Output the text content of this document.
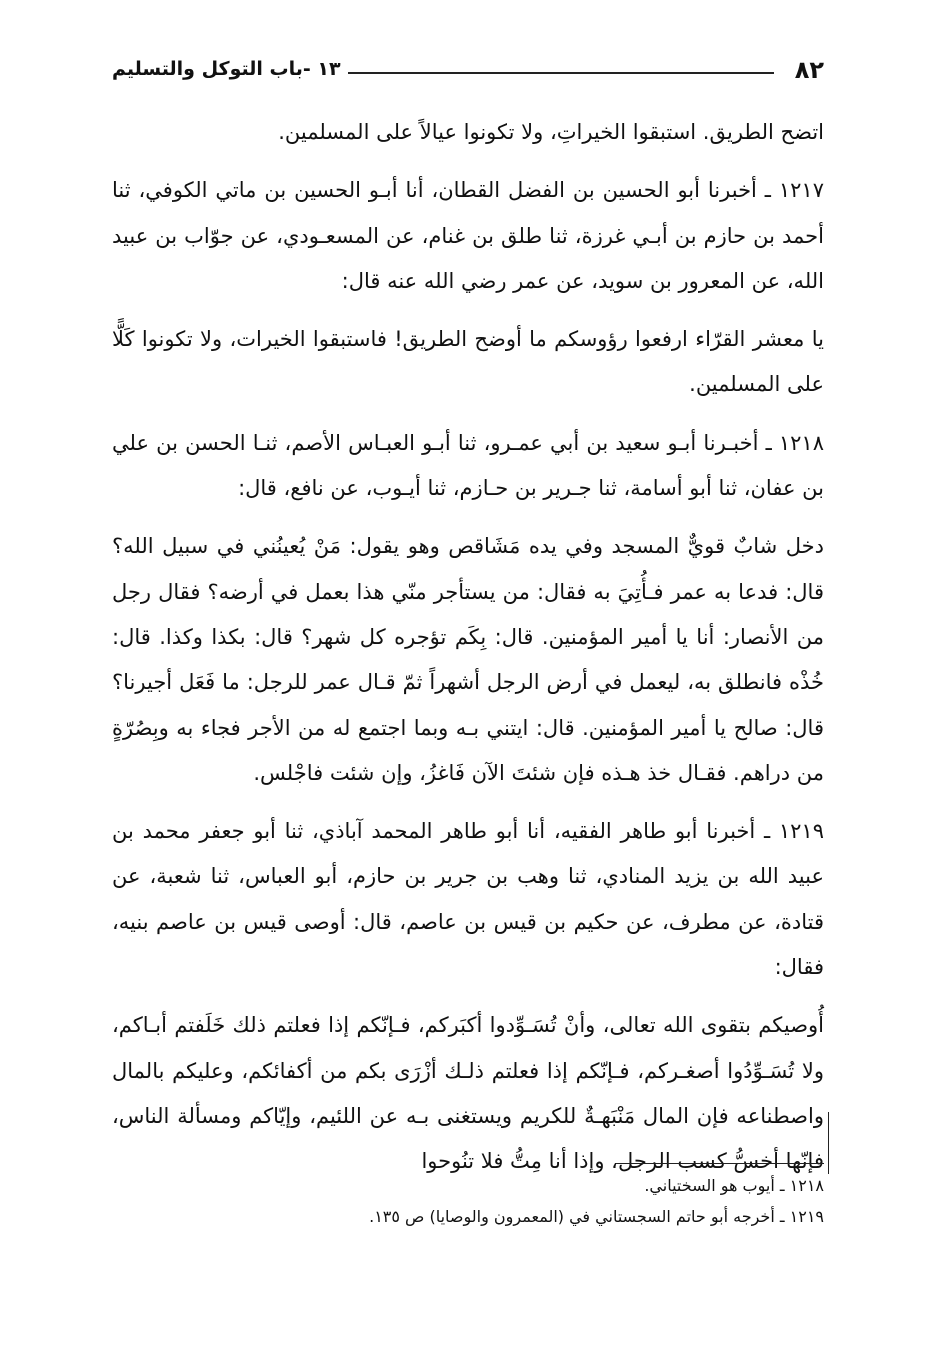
٨٢
١٣ -باب التوكل والتسليم

اتضح الطريق. استبقوا الخيراتِ، ولا تكونوا عيالاً على المسلمين.

١٢١٧ ـ أخبرنا أبو الحسين بن الفضل القطان، أنا أبـو الحسين بن ماتي الكوفي، ثنا أحمد بن حازم بن أبـي غرزة، ثنا طلق بن غنام، عن المسعـودي، عن جوّاب بن عبيد الله، عن المعرور بن سويد، عن عمر رضي الله عنه قال:

يا معشر القرّاء ارفعوا رؤوسكم ما أوضح الطريق! فاستبقوا الخيرات، ولا تكونوا كَلًّا على المسلمين.

١٢١٨ ـ أخبـرنا أبـو سعيد بن أبي عمـرو، ثنا أبـو العبـاس الأصم، ثنـا الحسن بن علي بن عفان، ثنا أبو أسامة، ثنا جـرير بن حـازم، ثنا أيـوب، عن نافع، قال:

دخل شابٌ قويٌّ المسجد وفي يده مَشَاقص وهو يقول: مَنْ يُعينُني في سبيل الله؟ قال: فدعا به عمر فـأُتِيَ به فقال: من يستأجر منّي هذا بعمل في أرضه؟ فقال رجل من الأنصار: أنا يا أمير المؤمنين. قال: بِكَم تؤجره كل شهر؟ قال: بكذا وكذا. قال: خُذْه فانطلق به، ليعمل في أرض الرجل أشهراً ثمّ قـال عمر للرجل: ما فَعَل أجيرنا؟ قال: صالح يا أمير المؤمنين. قال: ايتني بـه وبما اجتمع له من الأجر فجاء به وبِصُرّةٍ من دراهم. فقـال خذ هـذه فإن شئتَ الآن فَاغزُ، وإن شئت فاجْلس.

١٢١٩ ـ أخبرنا أبو طاهر الفقيه، أنا أبو طاهر المحمد آباذي، ثنا أبو جعفر محمد بن عبيد الله بن يزيد المنادي، ثنا وهب بن جرير بن حازم، أبو العباس، ثنا شعبة، عن قتادة، عن مطرف، عن حكيم بن قيس بن عاصم، قال: أوصى قيس بن عاصم بنيه، فقال:

أُوصيكم بتقوى الله تعالى، وأنْ تُسَـوِّدوا أكبَركم، فـإنّكم إذا فعلتم ذلك خَلَفتم أبـاكم، ولا تُسَـوِّدُوا أصغـركم، فـإنّكم إذا فعلتم ذلـك أزْرَى بكم من أكفائكم، وعليكم بالمال واصطناعه فإن المال مَنْبَهـةٌ للكريم ويستغنى بـه عن اللئيم، وإيّاكم ومسألة الناس، فإنّها أخسُّ كسب الرجل، وإذا أنا مِتُّ فلا تنُوحوا

١٢١٨ ـ أيوب هو السختياني.

١٢١٩ ـ أخرجه أبو حاتم السجستاني في (المعمرون والوصايا) ص ١٣٥.
